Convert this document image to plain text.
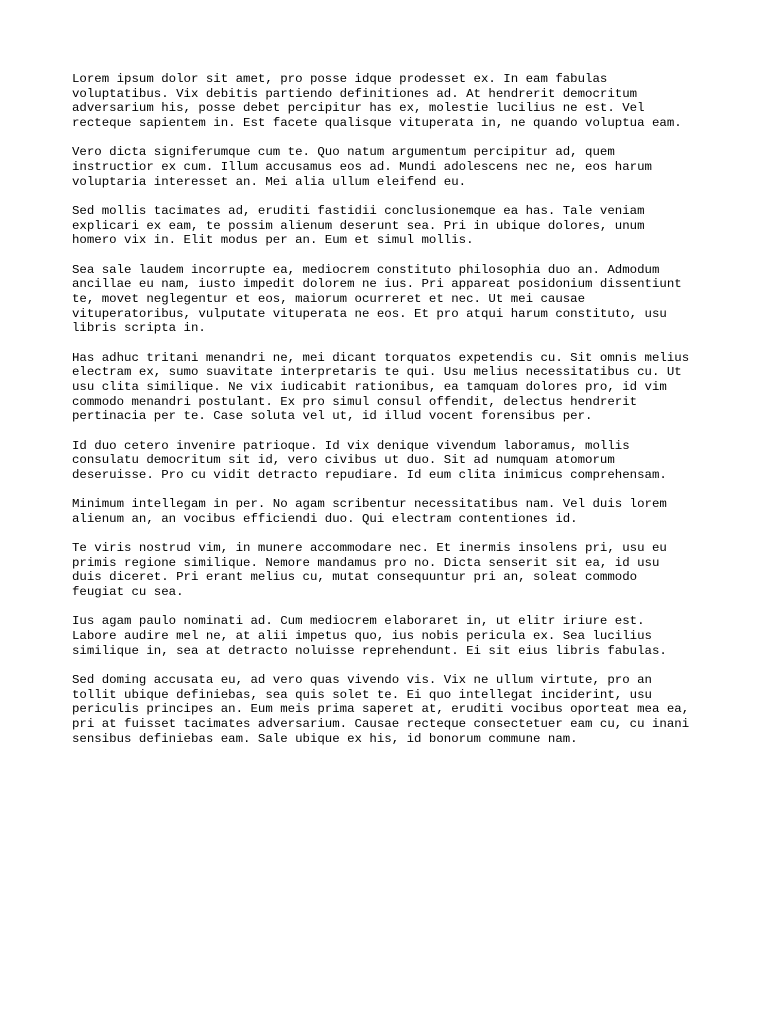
Lorem ipsum dolor sit amet, pro posse idque prodesset ex. In eam fabulas
voluptatibus. Vix debitis partiendo definitiones ad. At hendrerit democritum
adversarium his, posse debet percipitur has ex, molestie lucilius ne est. Vel
recteque sapientem in. Est facete qualisque vituperata in, ne quando voluptua eam.

Vero dicta signiferumque cum te. Quo natum argumentum percipitur ad, quem
instructior ex cum. Illum accusamus eos ad. Mundi adolescens nec ne, eos harum
voluptaria interesset an. Mei alia ullum eleifend eu.

Sed mollis tacimates ad, eruditi fastidii conclusionemque ea has. Tale veniam
explicari ex eam, te possim alienum deserunt sea. Pri in ubique dolores, unum
homero vix in. Elit modus per an. Eum et simul mollis.

Sea sale laudem incorrupte ea, mediocrem constituto philosophia duo an. Admodum
ancillae eu nam, iusto impedit dolorem ne ius. Pri appareat posidonium dissentiunt
te, movet neglegentur et eos, maiorum ocurreret et nec. Ut mei causae
vituperatoribus, vulputate vituperata ne eos. Et pro atqui harum constituto, usu
libris scripta in.

Has adhuc tritani menandri ne, mei dicant torquatos expetendis cu. Sit omnis melius
electram ex, sumo suavitate interpretaris te qui. Usu melius necessitatibus cu. Ut
usu clita similique. Ne vix iudicabit rationibus, ea tamquam dolores pro, id vim
commodo menandri postulant. Ex pro simul consul offendit, delectus hendrerit
pertinacia per te. Case soluta vel ut, id illud vocent forensibus per.

Id duo cetero invenire patrioque. Id vix denique vivendum laboramus, mollis
consulatu democritum sit id, vero civibus ut duo. Sit ad numquam atomorum
deseruisse. Pro cu vidit detracto repudiare. Id eum clita inimicus comprehensam.

Minimum intellegam in per. No agam scribentur necessitatibus nam. Vel duis lorem
alienum an, an vocibus efficiendi duo. Qui electram contentiones id.

Te viris nostrud vim, in munere accommodare nec. Et inermis insolens pri, usu eu
primis regione similique. Nemore mandamus pro no. Dicta senserit sit ea, id usu
duis diceret. Pri erant melius cu, mutat consequuntur pri an, soleat commodo
feugiat cu sea.

Ius agam paulo nominati ad. Cum mediocrem elaboraret in, ut elitr iriure est.
Labore audire mel ne, at alii impetus quo, ius nobis pericula ex. Sea lucilius
similique in, sea at detracto noluisse reprehendunt. Ei sit eius libris fabulas.

Sed doming accusata eu, ad vero quas vivendo vis. Vix ne ullum virtute, pro an
tollit ubique definiebas, sea quis solet te. Ei quo intellegat inciderint, usu
periculis principes an. Eum meis prima saperet at, eruditi vocibus oporteat mea ea,
pri at fuisset tacimates adversarium. Causae recteque consectetuer eam cu, cu inani
sensibus definiebas eam. Sale ubique ex his, id bonorum commune nam.
